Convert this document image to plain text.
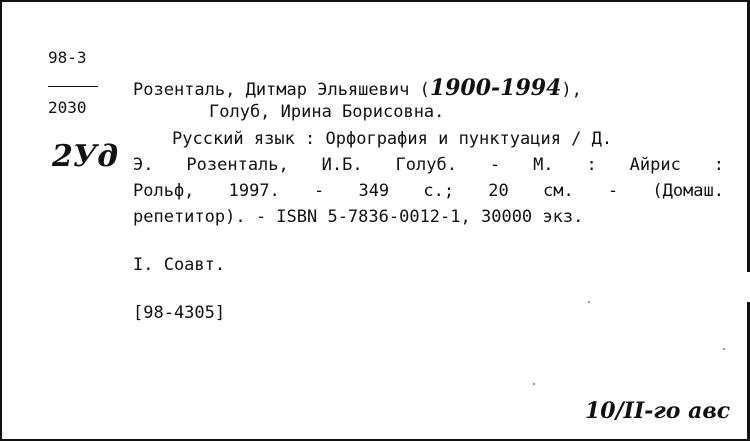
98-3
2030
2Уд
Розенталь, Дитмар Эльяшевич (1900-1994),
Голуб, Ирина Борисовна.
Русский язык : Орфография и пунктуация / Д.
Э. Розенталь, И.Б. Голуб. - М. : Айрис :
Рольф, 1997. - 349 с.; 20 см. - (Домаш.
репетитор). - ISBN 5-7836-0012-1, 30000 экз.
I. Соавт.
[98-4305]
10/ІІ-го авс
